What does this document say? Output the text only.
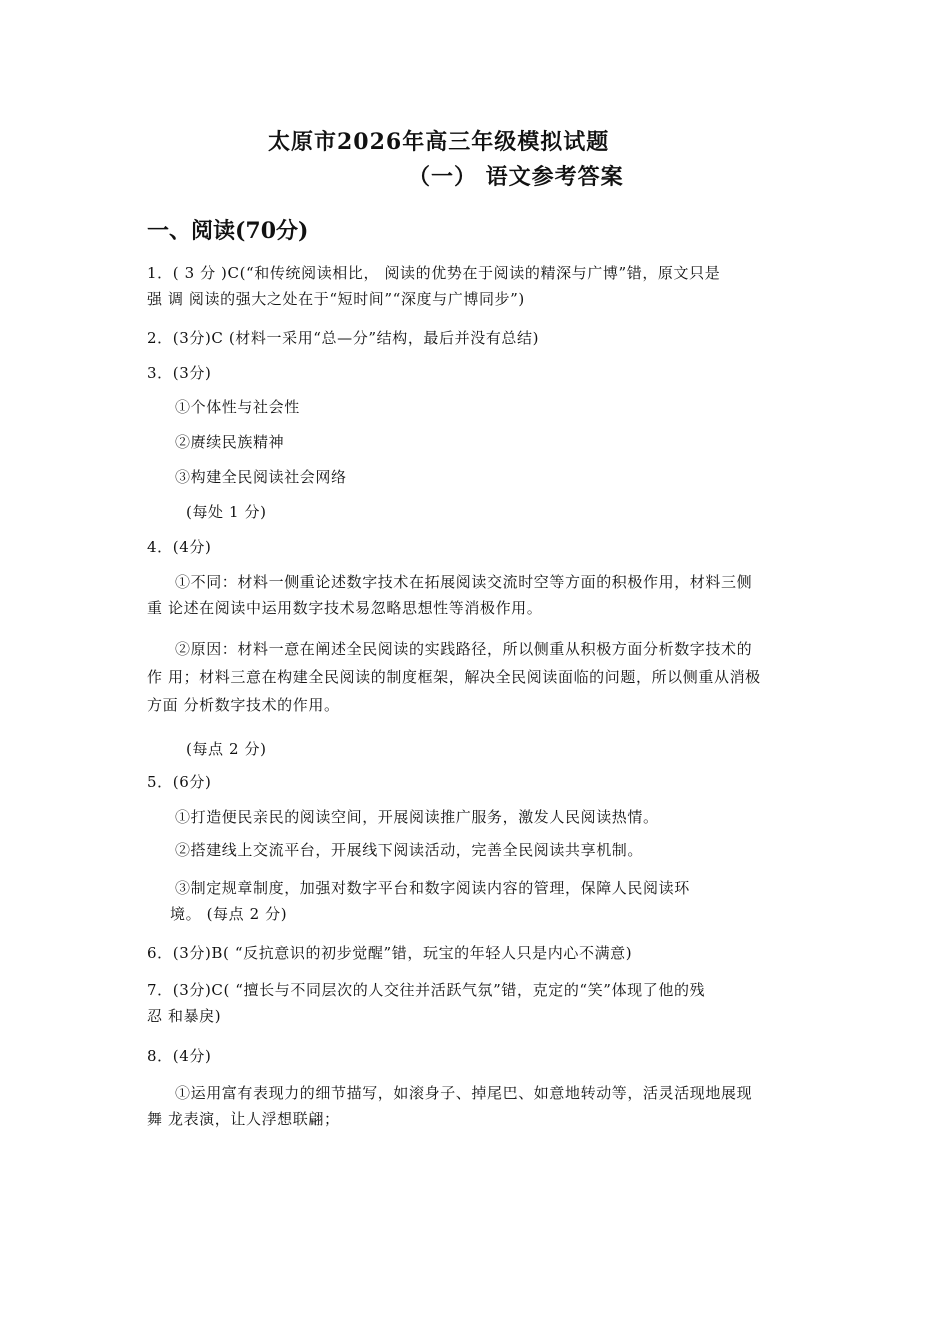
太原市2026年高三年级模拟试题
（一） 语文参考答案
一、阅读(70分)
1．( 3 分 )C(“和传统阅读相比， 阅读的优势在于阅读的精深与广博”错，原文只是
强 调 阅读的强大之处在于“短时间”“深度与广博同步”)
2．(3分)C (材料一采用“总—分”结构，最后并没有总结)
3．(3分)
①个体性与社会性
②赓续民族精神
③构建全民阅读社会网络
(每处 1 分)
4．(4分)
①不同：材料一侧重论述数字技术在拓展阅读交流时空等方面的积极作用，材料三侧
重 论述在阅读中运用数字技术易忽略思想性等消极作用。
②原因：材料一意在阐述全民阅读的实践路径，所以侧重从积极方面分析数字技术的
作 用；材料三意在构建全民阅读的制度框架，解决全民阅读面临的问题，所以侧重从消极
方面 分析数字技术的作用。
(每点 2 分)
5．(6分)
①打造便民亲民的阅读空间，开展阅读推广服务，激发人民阅读热情。
②搭建线上交流平台，开展线下阅读活动，完善全民阅读共享机制。
③制定规章制度，加强对数字平台和数字阅读内容的管理，保障人民阅读环
境。 (每点 2 分)
6．(3分)B( “反抗意识的初步觉醒”错，玩宝的年轻人只是内心不满意)
7．(3分)C( “擅长与不同层次的人交往并活跃气氛”错，克定的“笑”体现了他的残
忍 和暴戾)
8．(4分)
①运用富有表现力的细节描写，如滚身子、掉尾巴、如意地转动等，活灵活现地展现
舞 龙表演，让人浮想联翩；
